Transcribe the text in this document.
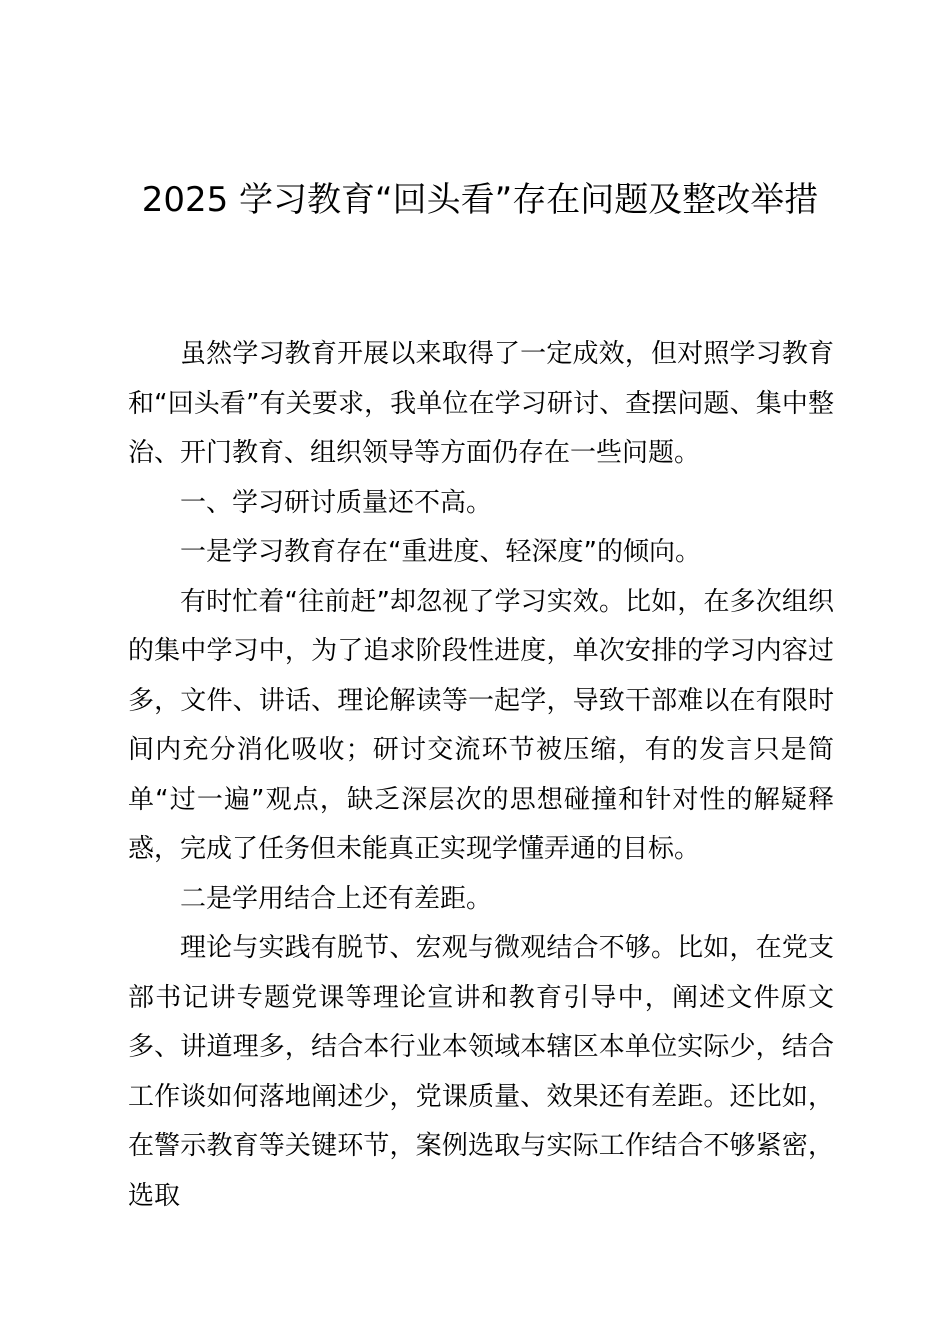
2025 学习教育“回头看”存在问题及整改举措

虽然学习教育开展以来取得了一定成效，但对照学习教育和“回头看”有关要求，我单位在学习研讨、查摆问题、集中整治、开门教育、组织领导等方面仍存在一些问题。

一、学习研讨质量还不高。

一是学习教育存在“重进度、轻深度”的倾向。

有时忙着“往前赶”却忽视了学习实效。比如，在多次组织的集中学习中，为了追求阶段性进度，单次安排的学习内容过多，文件、讲话、理论解读等一起学，导致干部难以在有限时间内充分消化吸收；研讨交流环节被压缩，有的发言只是简单“过一遍”观点，缺乏深层次的思想碰撞和针对性的解疑释惑，完成了任务但未能真正实现学懂弄通的目标。

二是学用结合上还有差距。

理论与实践有脱节、宏观与微观结合不够。比如，在党支部书记讲专题党课等理论宣讲和教育引导中，阐述文件原文多、讲道理多，结合本行业本领域本辖区本单位实际少，结合工作谈如何落地阐述少，党课质量、效果还有差距。还比如，在警示教育等关键环节，案例选取与实际工作结合不够紧密，选取
